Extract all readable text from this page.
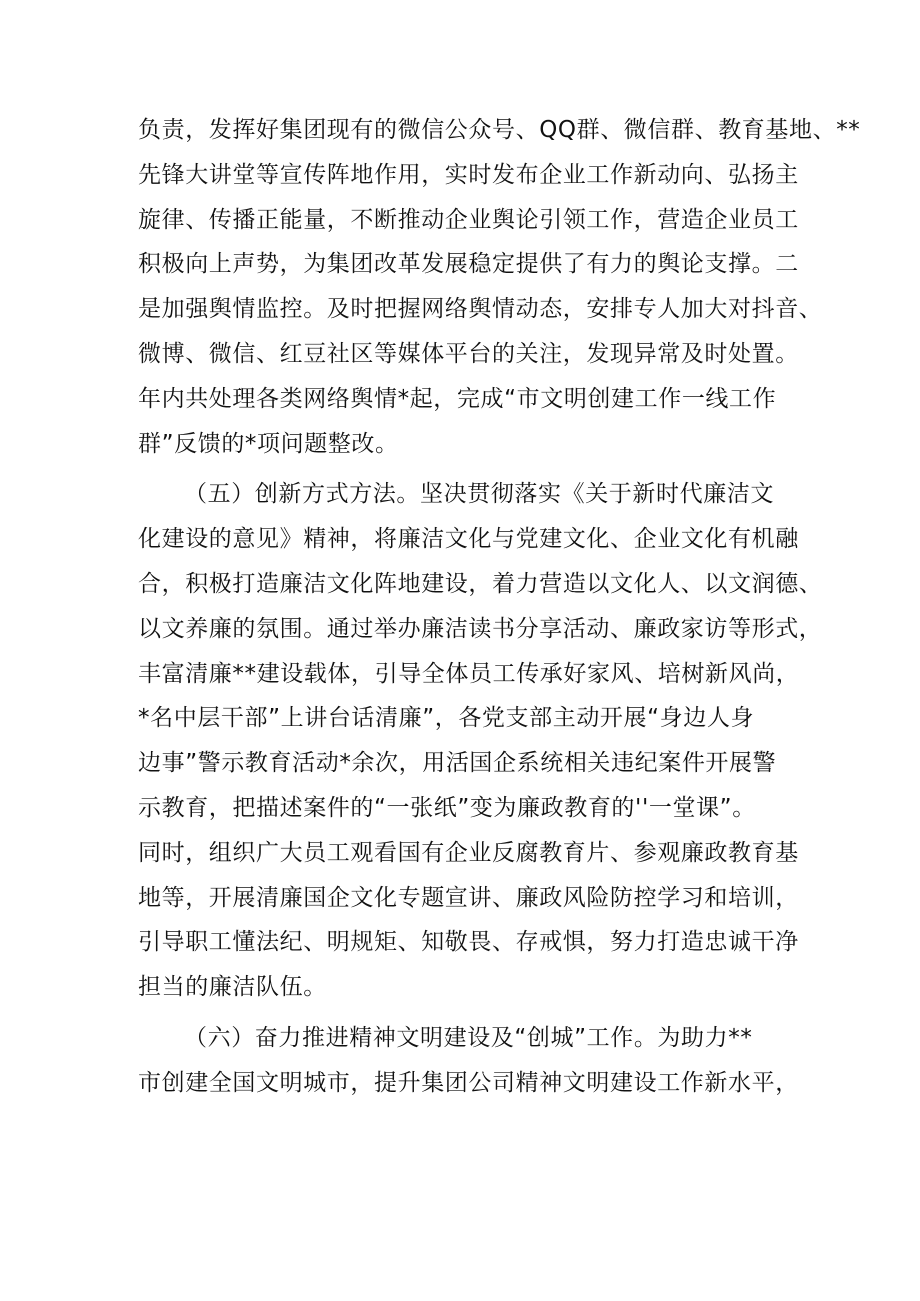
负责，发挥好集团现有的微信公众号、QQ群、微信群、教育基地、**
先锋大讲堂等宣传阵地作用，实时发布企业工作新动向、弘扬主
旋律、传播正能量，不断推动企业舆论引领工作，营造企业员工
积极向上声势，为集团改革发展稳定提供了有力的舆论支撑。二
是加强舆情监控。及时把握网络舆情动态，安排专人加大对抖音、
微博、微信、红豆社区等媒体平台的关注，发现异常及时处置。
年内共处理各类网络舆情*起，完成“市文明创建工作一线工作
群”反馈的*项问题整改。
（五）创新方式方法。坚决贯彻落实《关于新时代廉洁文
化建设的意见》精神，将廉洁文化与党建文化、企业文化有机融
合，积极打造廉洁文化阵地建设，着力营造以文化人、以文润德、
以文养廉的氛围。通过举办廉洁读书分享活动、廉政家访等形式，
丰富清廉**建设载体，引导全体员工传承好家风、培树新风尚，
*名中层干部”上讲台话清廉”，各党支部主动开展“身边人身
边事”警示教育活动*余次，用活国企系统相关违纪案件开展警
示教育，把描述案件的“一张纸”变为廉政教育的''一堂课”。
同时，组织广大员工观看国有企业反腐教育片、参观廉政教育基
地等，开展清廉国企文化专题宣讲、廉政风险防控学习和培训，
引导职工懂法纪、明规矩、知敬畏、存戒惧，努力打造忠诚干净
担当的廉洁队伍。
（六）奋力推进精神文明建设及“创城”工作。为助力**
市创建全国文明城市，提升集团公司精神文明建设工作新水平，
